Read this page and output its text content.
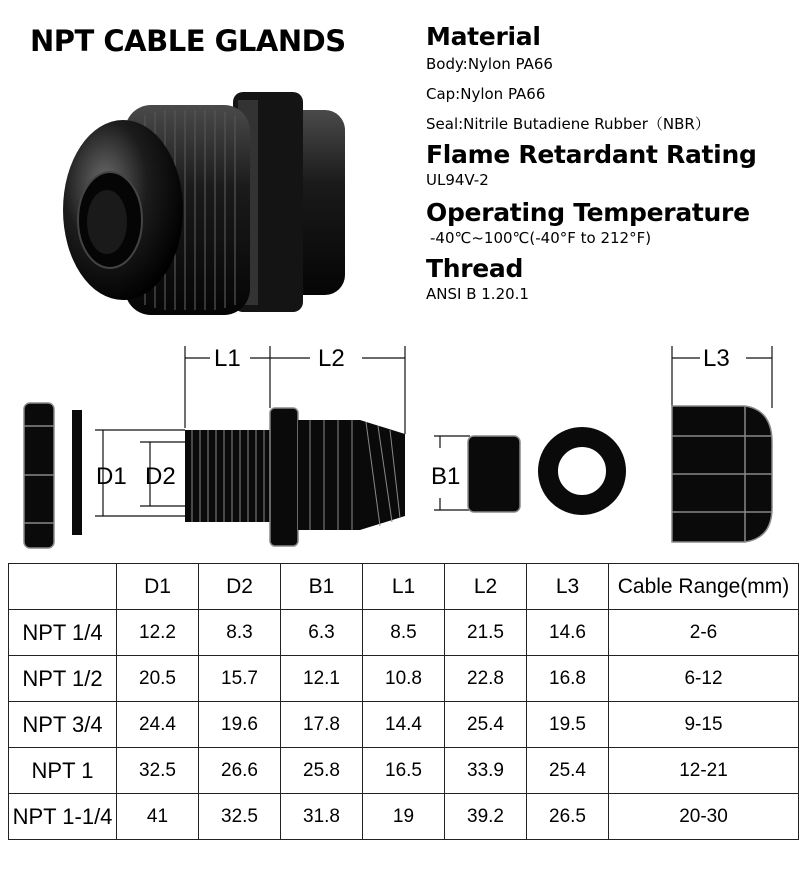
NPT CABLE GLANDS	Material
Body:Nylon PA66
Cap:Nylon PA66
Seal:Nitrile Butadiene Rubber（NBR）
Flame Retardant Rating
UL94V-2
Operating Temperature
-40℃~100℃(-40°F to 212°F)
Thread
ANSI B 1.20.1
D1 D2
L1	L2
B1
L3
	D1	D2	B1	L1	L2	L3	Cable Range(mm)
NPT 1/4	12.2	8.3	6.3	8.5	21.5	14.6	2-6
NPT 1/2	20.5	15.7	12.1	10.8	22.8	16.8	6-12
NPT 3/4	24.4	19.6	17.8	14.4	25.4	19.5	9-15
NPT 1	32.5	26.6	25.8	16.5	33.9	25.4	12-21
NPT 1-1/4	41	32.5	31.8	19	39.2	26.5	20-30
